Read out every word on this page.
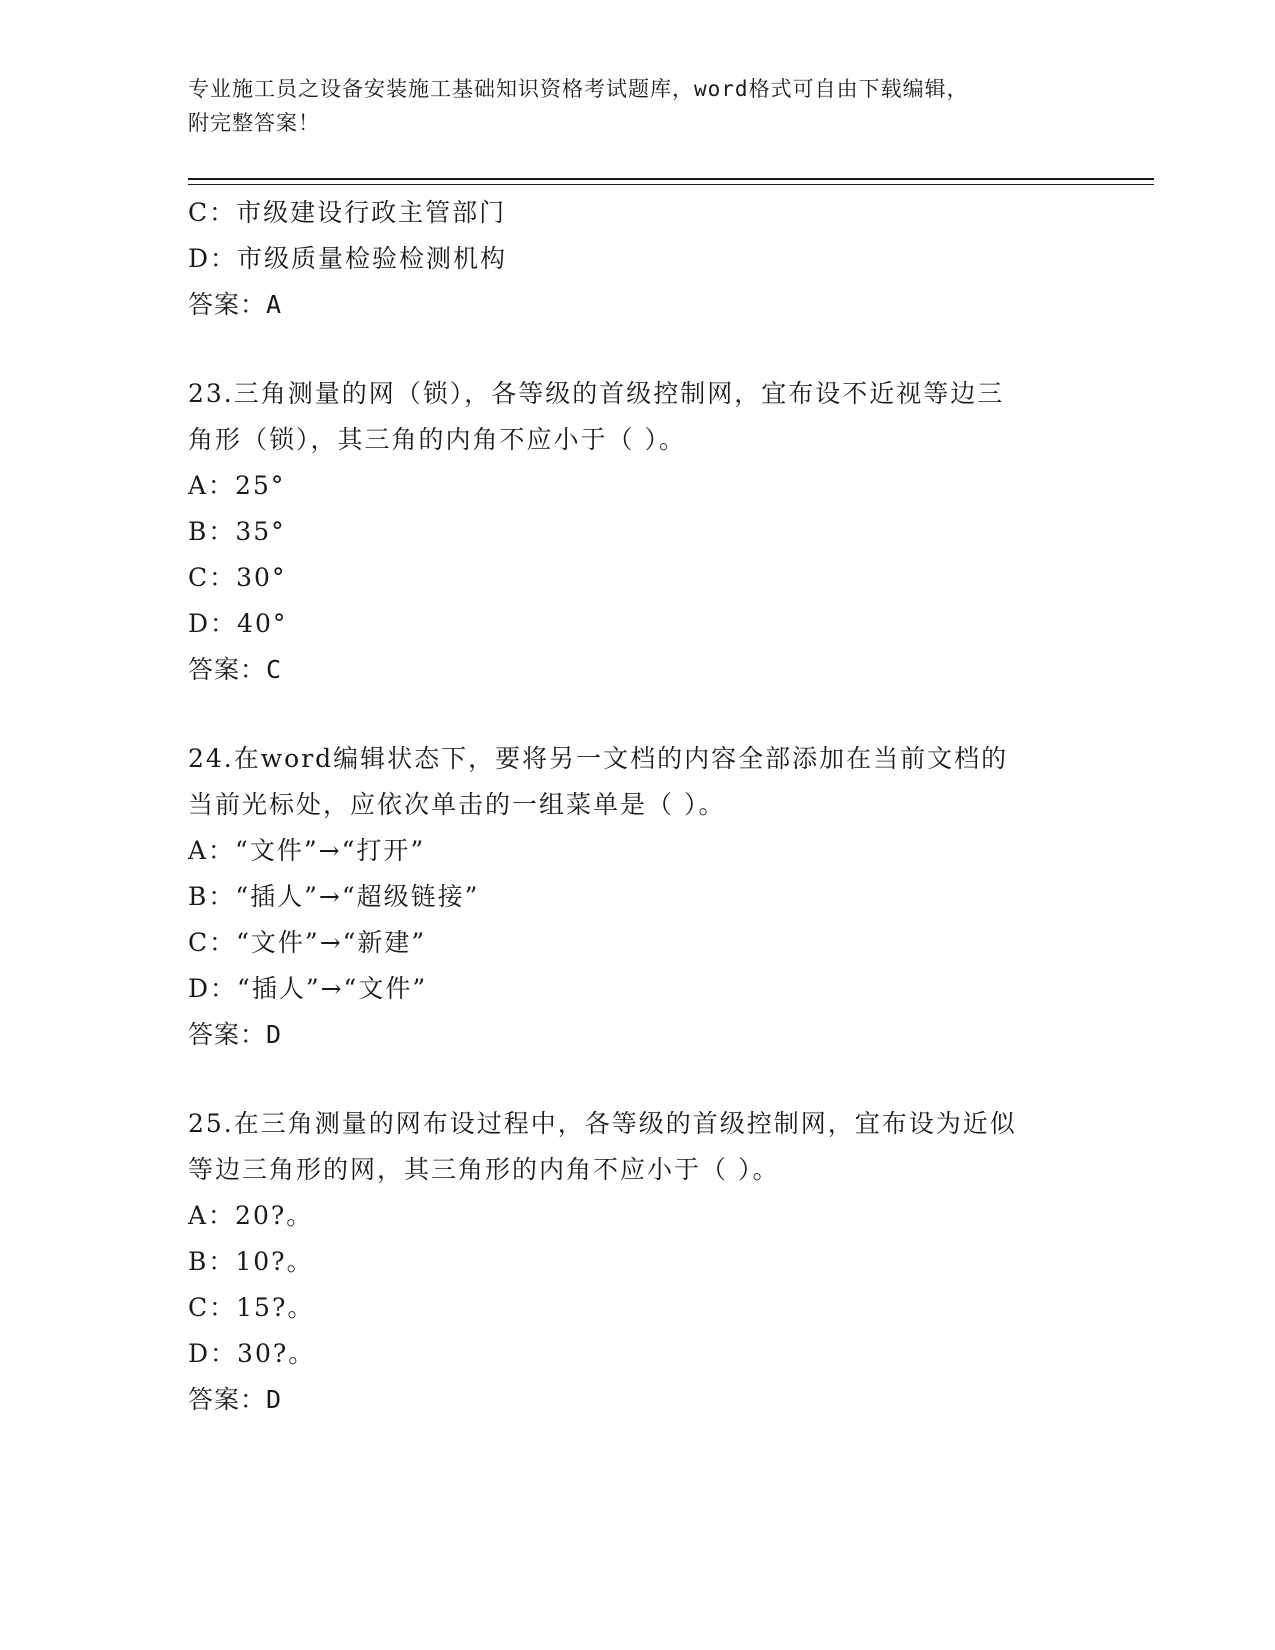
专业施工员之设备安装施工基础知识资格考试题库，word格式可自由下载编辑，
附完整答案！
C：市级建设行政主管部门
D：市级质量检验检测机构
答案：A
23.三角测量的网（锁），各等级的首级控制网，宜布设不近视等边三
角形（锁），其三角的内角不应小于（ ）。
A：25°
B：35°
C：30°
D：40°
答案：C
24.在word编辑状态下，要将另一文档的内容全部添加在当前文档的
当前光标处，应依次单击的一组菜单是（ ）。
A：“文件”→“打开”
B：“插人”→“超级链接”
C：“文件”→“新建”
D：“插人”→“文件”
答案：D
25.在三角测量的网布设过程中，各等级的首级控制网，宜布设为近似
等边三角形的网，其三角形的内角不应小于（ ）。
A：20?。
B：10?。
C：15?。
D：30?。
答案：D
